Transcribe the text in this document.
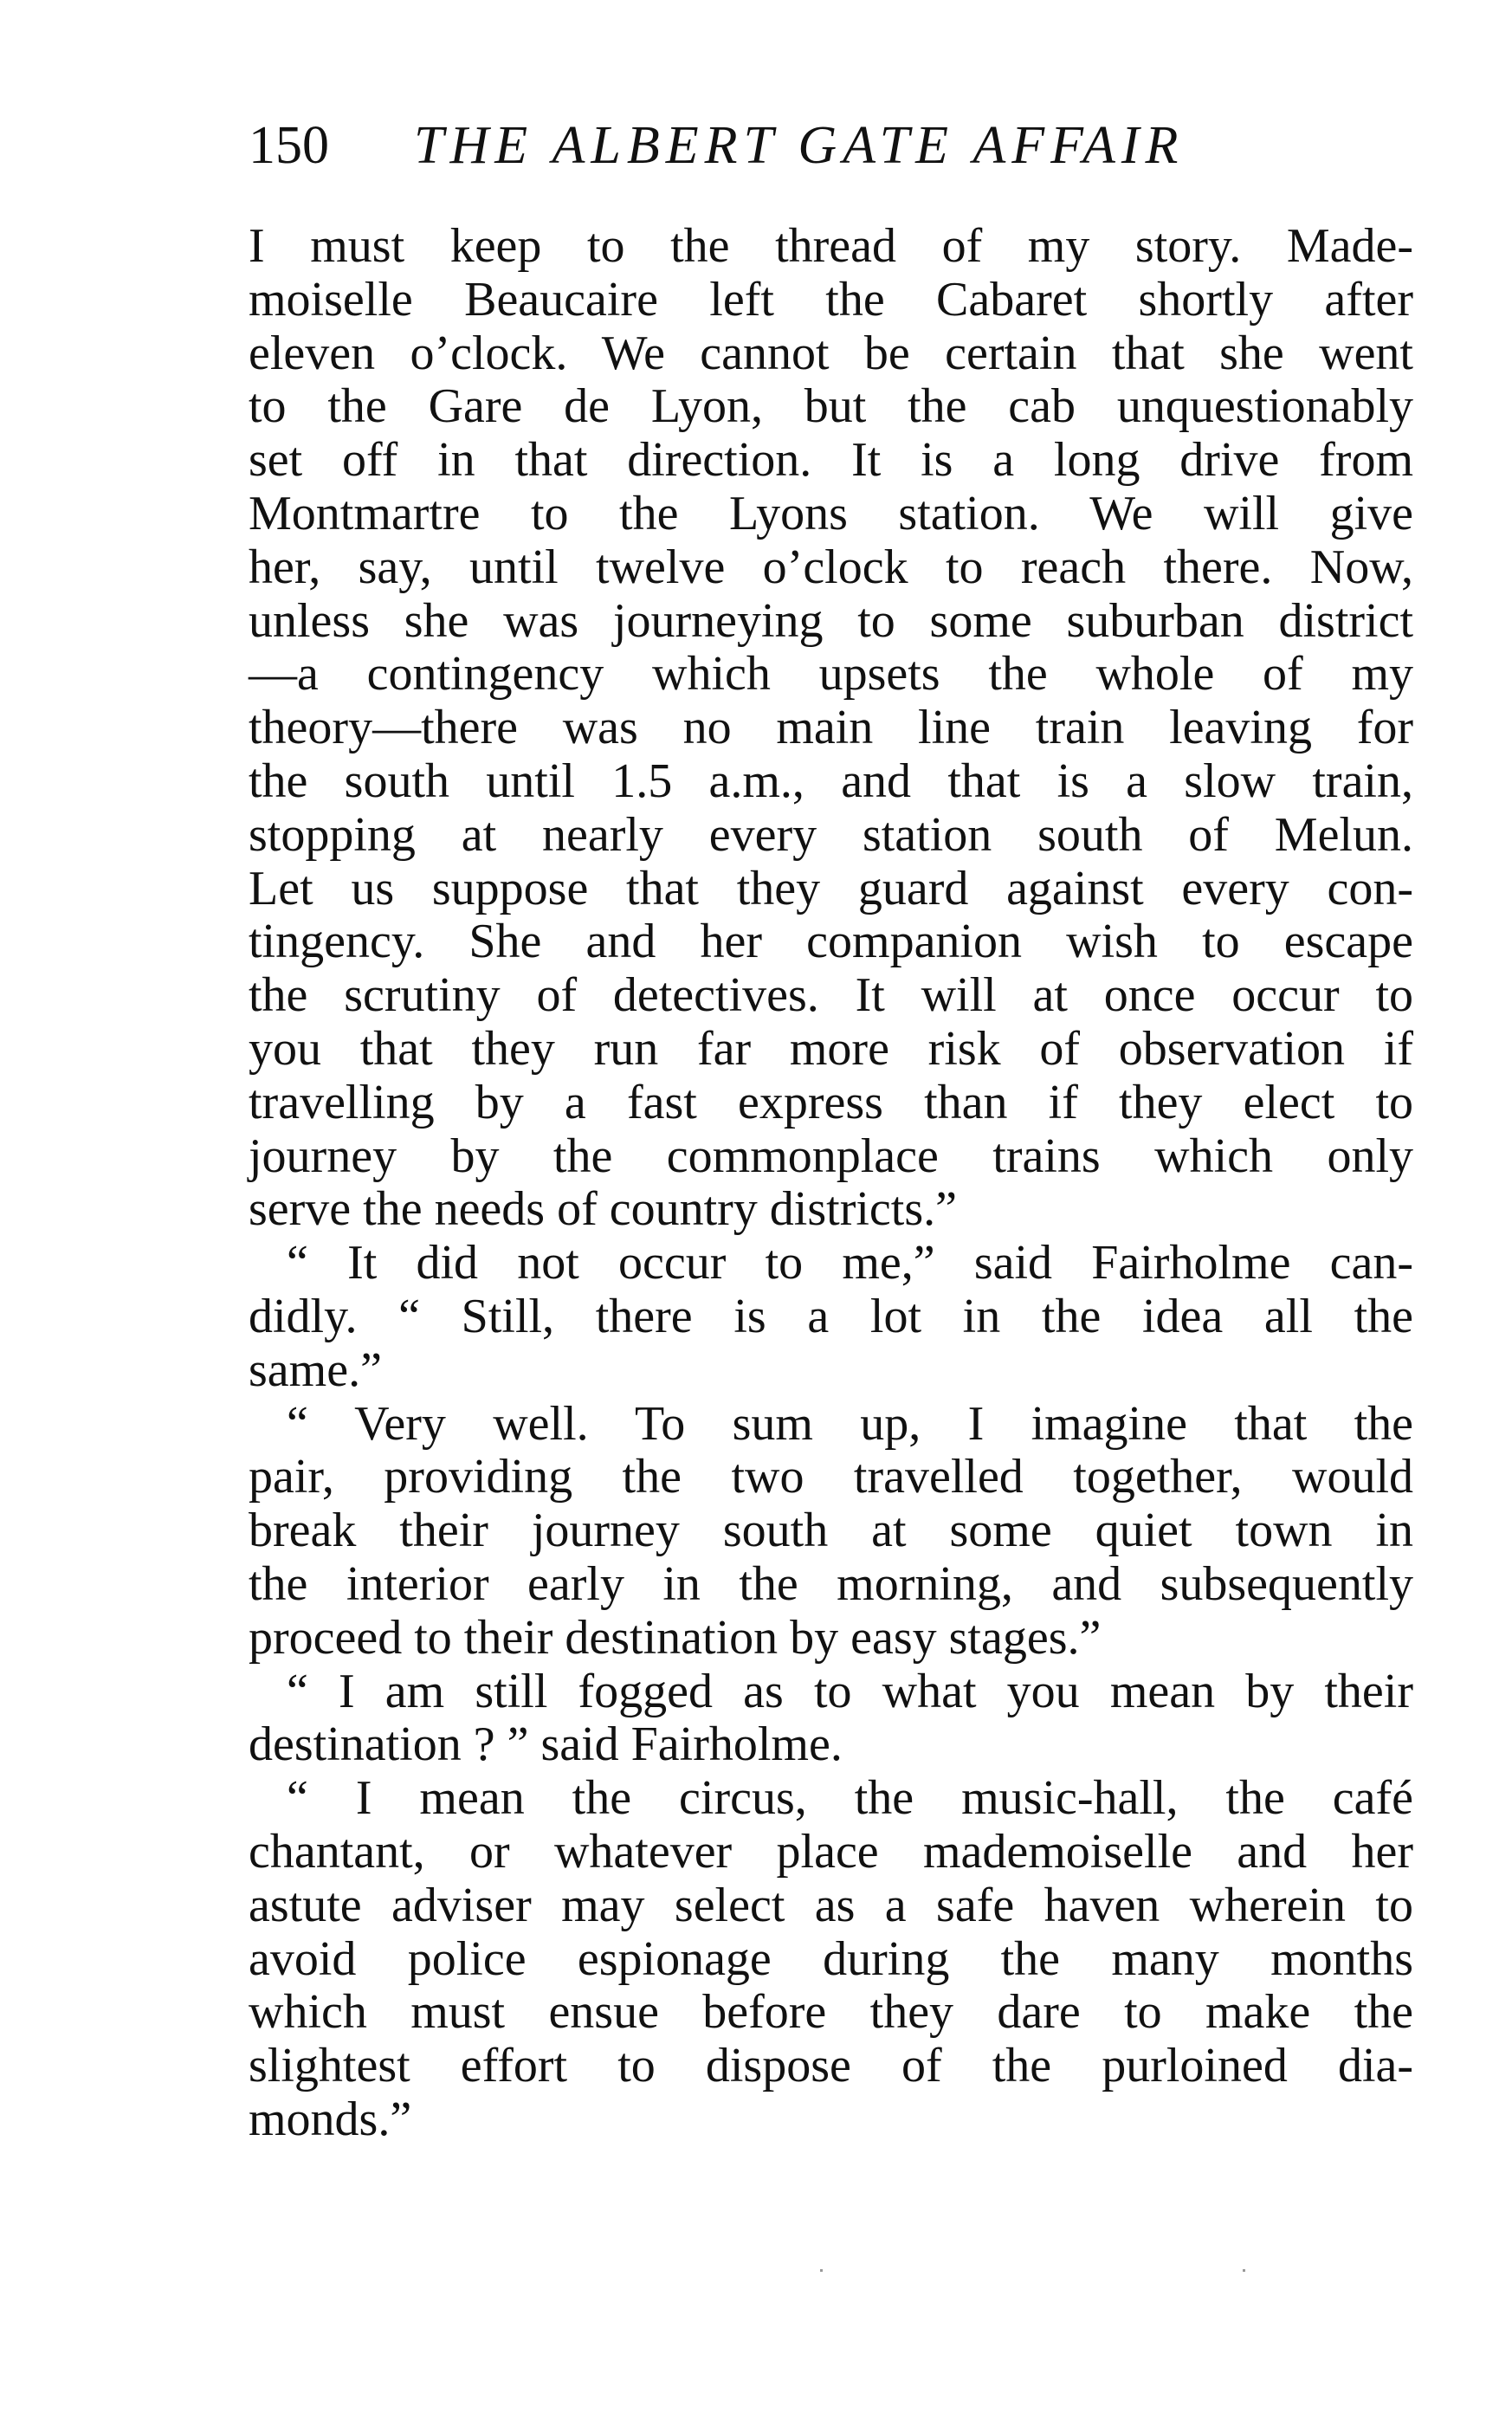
150 THE ALBERT GATE AFFAIR
I must keep to the thread of my story. Made-
moiselle Beaucaire left the Cabaret shortly after
eleven o’clock. We cannot be certain that she went
to the Gare de Lyon, but the cab unquestionably
set off in that direction. It is a long drive from
Montmartre to the Lyons station. We will give
her, say, until twelve o’clock to reach there. Now,
unless she was journeying to some suburban district
—a contingency which upsets the whole of my
theory—there was no main line train leaving for
the south until 1.5 a.m., and that is a slow train,
stopping at nearly every station south of Melun.
Let us suppose that they guard against every con-
tingency. She and her companion wish to escape
the scrutiny of detectives. It will at once occur to
you that they run far more risk of observation if
travelling by a fast express than if they elect to
journey by the commonplace trains which only
serve the needs of country districts.”
“ It did not occur to me,” said Fairholme can-
didly. “ Still, there is a lot in the idea all the
same.”
“ Very well. To sum up, I imagine that the
pair, providing the two travelled together, would
break their journey south at some quiet town in
the interior early in the morning, and subsequently
proceed to their destination by easy stages.”
“ I am still fogged as to what you mean by their
destination ? ” said Fairholme.
“ I mean the circus, the music-hall, the café
chantant, or whatever place mademoiselle and her
astute adviser may select as a safe haven wherein to
avoid police espionage during the many months
which must ensue before they dare to make the
slightest effort to dispose of the purloined dia-
monds.”
